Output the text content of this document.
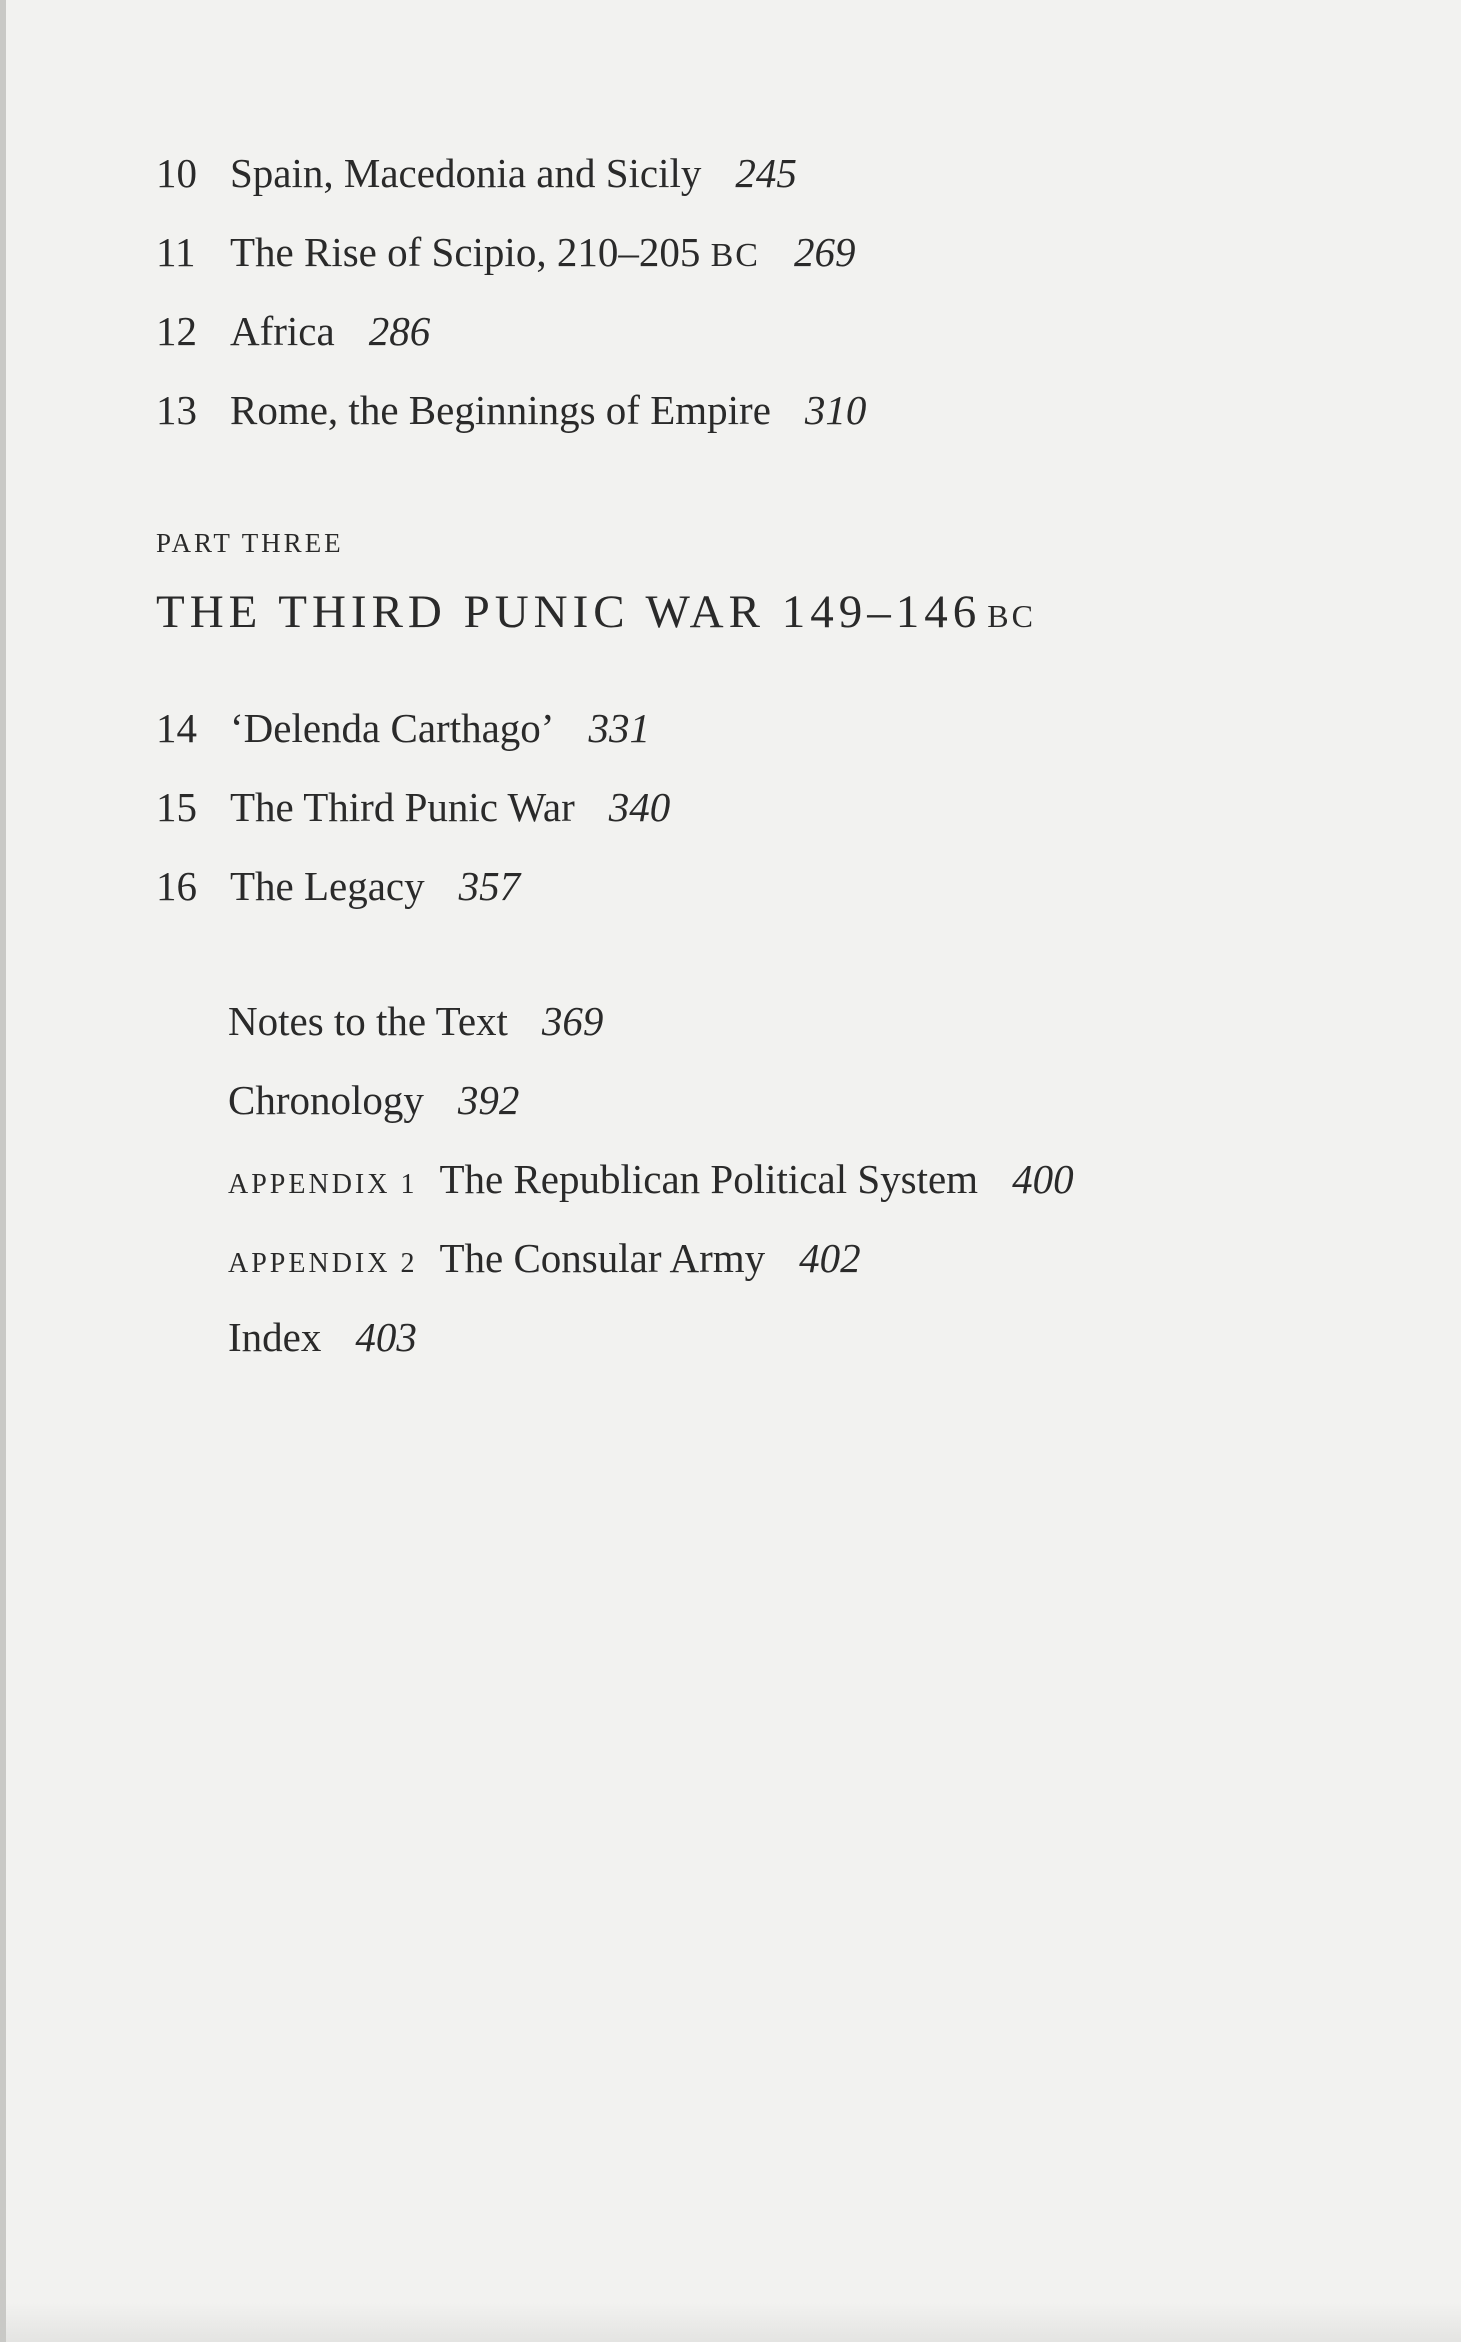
10 Spain, Macedonia and Sicily 245
11 The Rise of Scipio, 210–205 BC 269
12 Africa 286
13 Rome, the Beginnings of Empire 310
PART THREE
THE THIRD PUNIC WAR 149–146 BC
14 ‘Delenda Carthago’ 331
15 The Third Punic War 340
16 The Legacy 357
Notes to the Text 369
Chronology 392
APPENDIX 1 The Republican Political System 400
APPENDIX 2 The Consular Army 402
Index 403
